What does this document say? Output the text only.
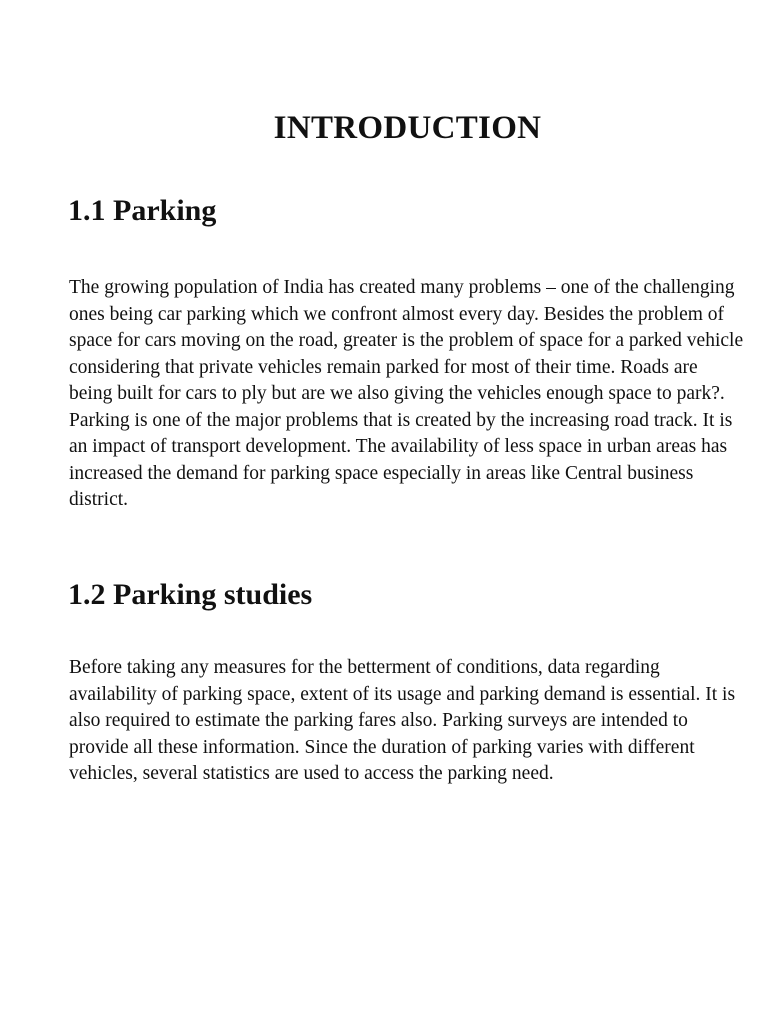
INTRODUCTION
1.1 Parking

The growing population of India has created many problems – one of the challenging ones being car parking which we confront almost every day. Besides the problem of space for cars moving on the road, greater is the problem of space for a parked vehicle considering that private vehicles remain parked for most of their time. Roads are being built for cars to ply but are we also giving the vehicles enough space to park?. Parking is one of the major problems that is created by the increasing road track. It is an impact of transport development. The availability of less space in urban areas has increased the demand for parking space especially in areas like Central business district.

1.2 Parking studies

Before taking any measures for the betterment of conditions, data regarding availability of parking space, extent of its usage and parking demand is essential. It is also required to estimate the parking fares also. Parking surveys are intended to provide all these information. Since the duration of parking varies with different vehicles, several statistics are used to access the parking need.
